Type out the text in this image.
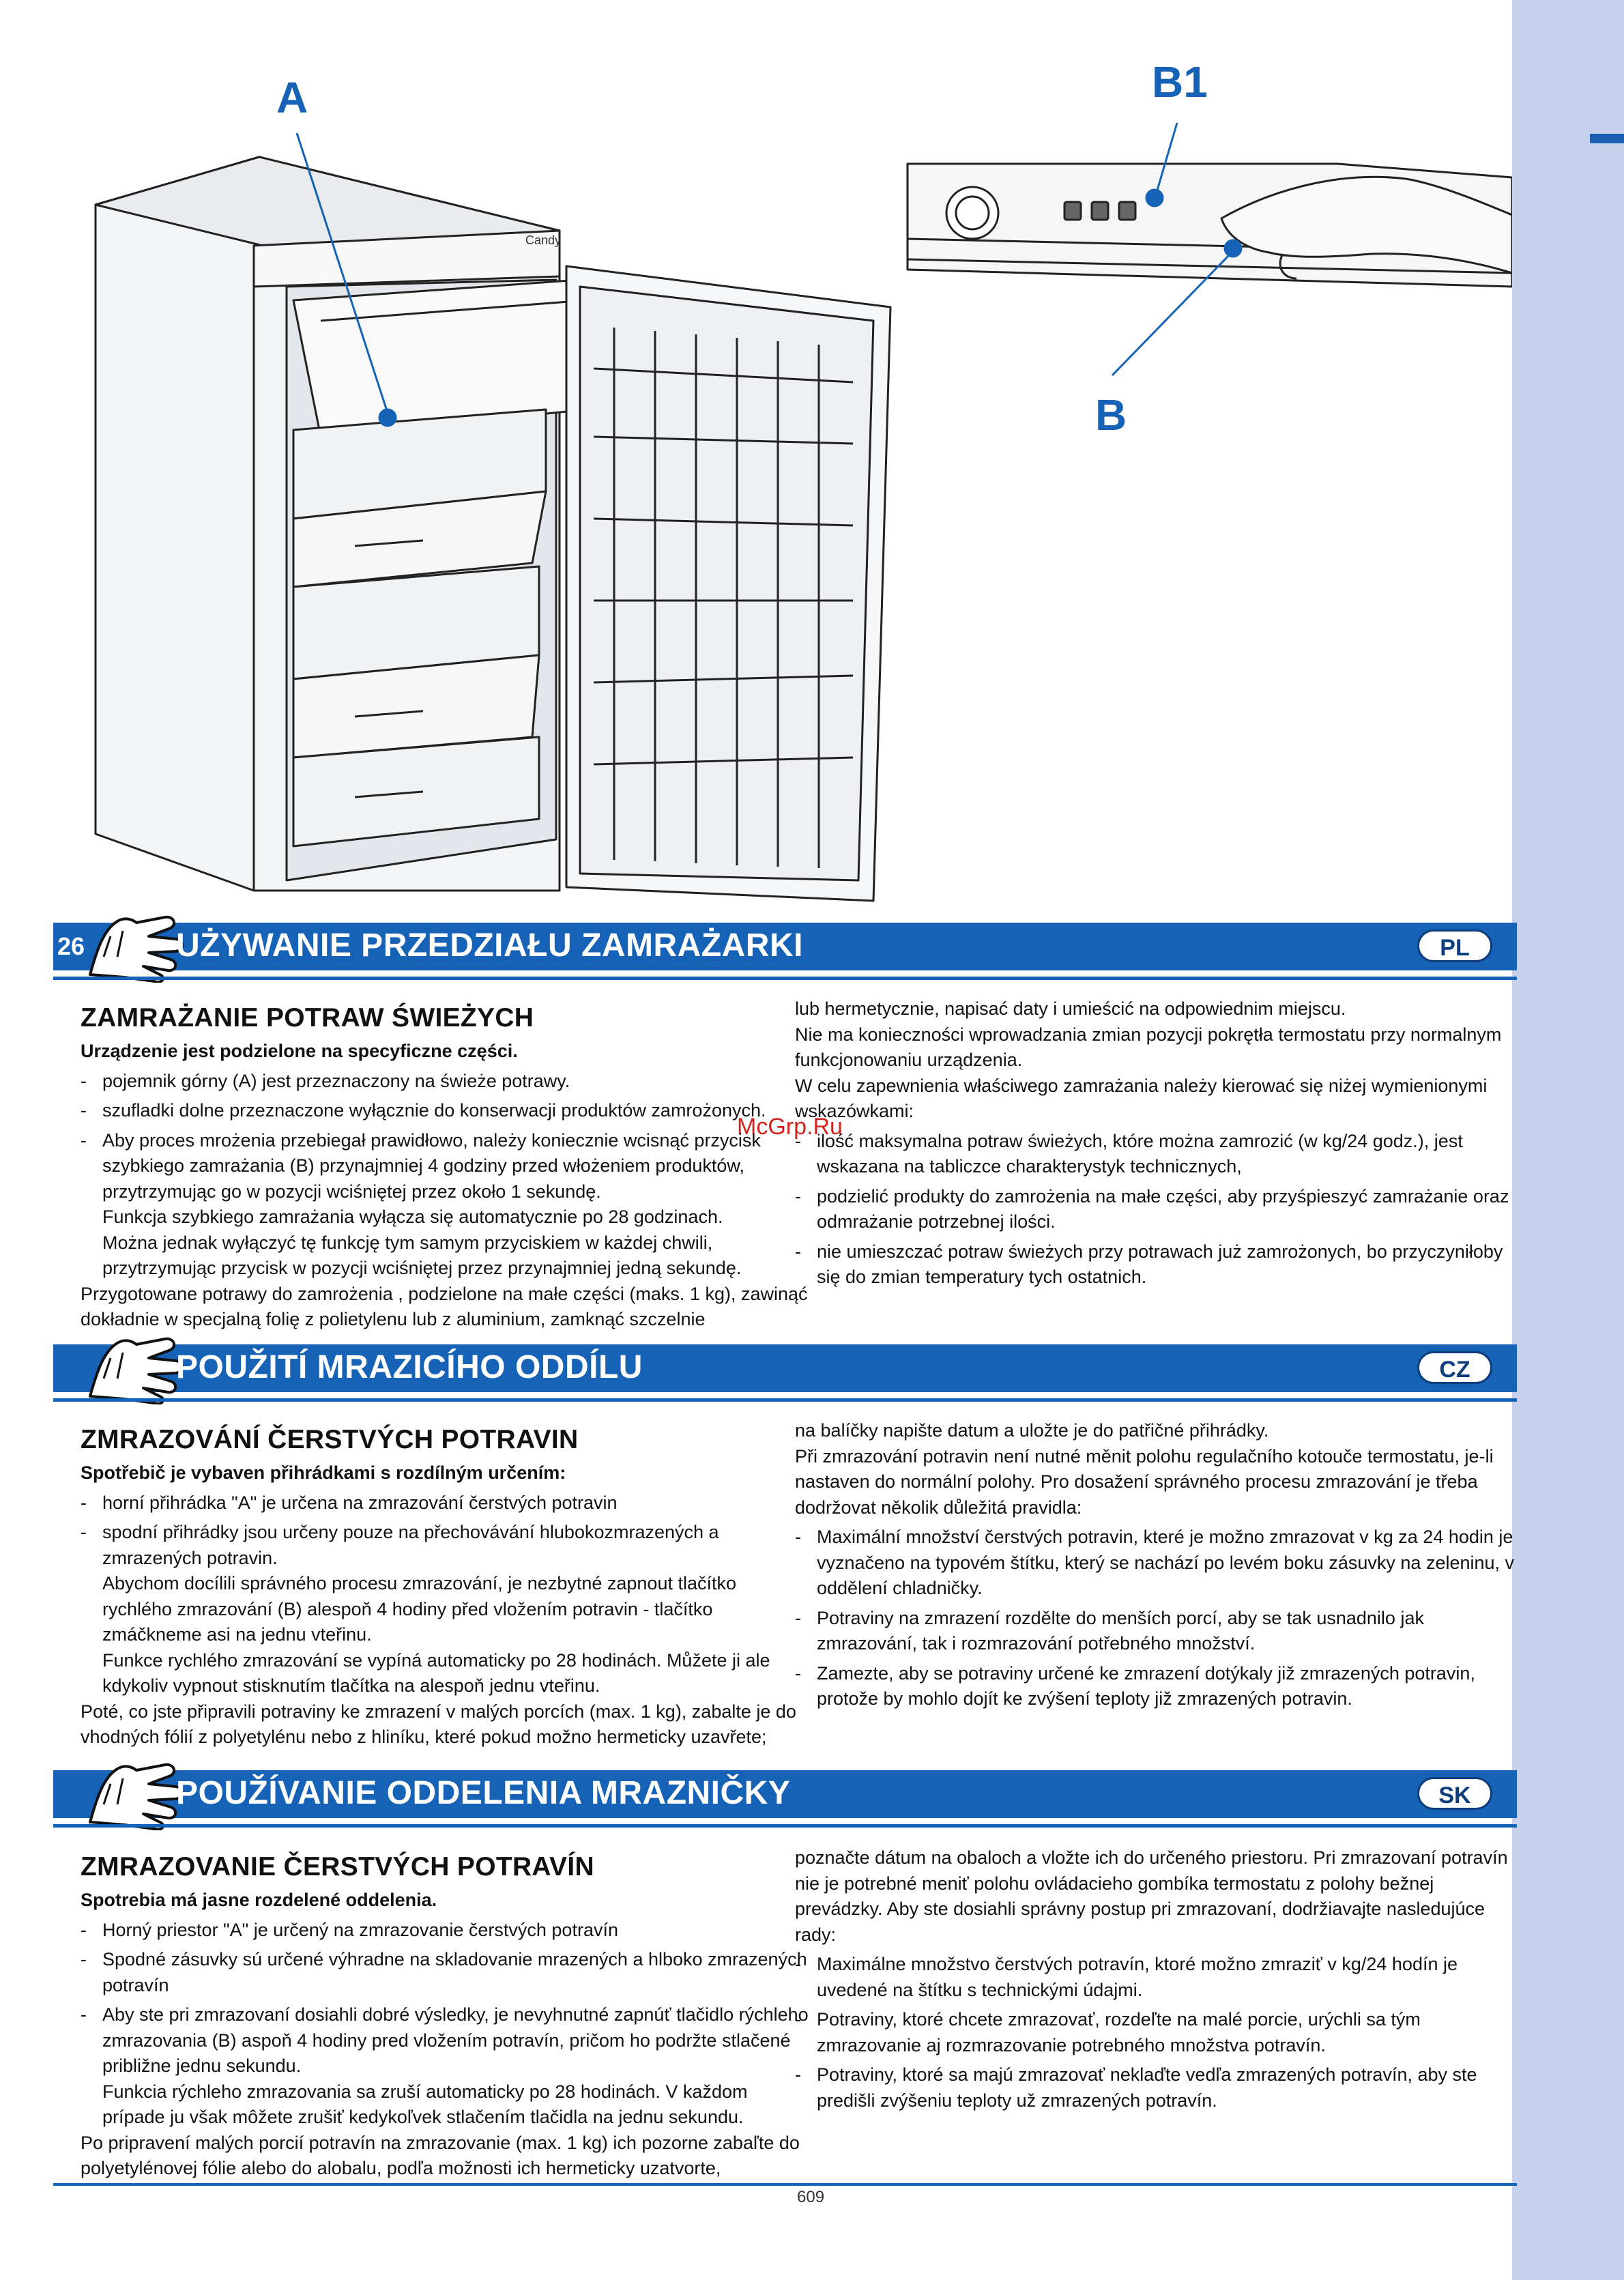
A	B1
B
Candy
McGrp.Ru
UŻYWANIE PRZEDZIAŁU ZAMRAŻARKI	PL
26
ZAMRAŻANIE POTRAW ŚWIEŻYCH
Urządzenie jest podzielone na specyficzne części.
- pojemnik górny (A) jest przeznaczony na świeże potrawy.
- szufladki dolne przeznaczone wyłącznie do konserwacji produktów zamrożonych.
- Aby proces mrożenia przebiegał prawidłowo, należy koniecznie wcisnąć przycisk szybkiego zamrażania (B) przynajmniej 4 godziny przed włożeniem produktów, przytrzymując go w pozycji wciśniętej przez około 1 sekundę.
Funkcja szybkiego zamrażania wyłącza się automatycznie po 28 godzinach.
Można jednak wyłączyć tę funkcję tym samym przyciskiem w każdej chwili, przytrzymując przycisk w pozycji wciśniętej przez przynajmniej jedną sekundę.
Przygotowane potrawy do zamrożenia , podzielone na małe części (maks. 1 kg), zawinąć dokładnie w specjalną folię z polietylenu lub z aluminium, zamknąć szczelnie
lub hermetycznie, napisać daty i umieścić na odpowiednim miejscu.
Nie ma konieczności wprowadzania zmian pozycji pokrętła termostatu przy normalnym funkcjonowaniu urządzenia.
W celu zapewnienia właściwego zamrażania należy kierować się niżej wymienionymi wskazówkami:
- ilość maksymalna potraw świeżych, które można zamrozić (w kg/24 godz.), jest wskazana na tabliczce charakterystyk technicznych,
- podzielić produkty do zamrożenia na małe części, aby przyśpieszyć zamrażanie oraz odmrażanie potrzebnej ilości.
- nie umieszczać potraw świeżych przy potrawach już zamrożonych, bo przyczyniłoby się do zmian temperatury tych ostatnich.
POUŽITÍ MRAZICÍHO ODDÍLU	CZ
ZMRAZOVÁNÍ ČERSTVÝCH POTRAVIN
Spotřebič je vybaven přihrádkami s rozdílným určením:
- horní přihrádka "A" je určena na zmrazování čerstvých potravin
- spodní přihrádky jsou určeny pouze na přechovávání hlubokozmrazených a zmrazených potravin.
Abychom docílili správného procesu zmrazování, je nezbytné zapnout tlačítko rychlého zmrazování (B) alespoň 4 hodiny před vložením potravin - tlačítko zmáčkneme asi na jednu vteřinu.
Funkce rychlého zmrazování se vypíná automaticky po 28 hodinách. Můžete ji ale kdykoliv vypnout stisknutím tlačítka na alespoň jednu vteřinu.
Poté, co jste připravili potraviny ke zmrazení v malých porcích (max. 1 kg), zabalte je do vhodných fólií z polyetylénu nebo z hliníku, které pokud možno hermeticky uzavřete;
na balíčky napište datum a uložte je do patřičné přihrádky.
Při zmrazování potravin není nutné měnit polohu regulačního kotouče termostatu, je-li nastaven do normální polohy. Pro dosažení správného procesu zmrazování je třeba dodržovat několik důležitá pravidla:
- Maximální množství čerstvých potravin, které je možno zmrazovat v kg za 24 hodin je vyznačeno na typovém štítku, který se nachází po levém boku zásuvky na zeleninu, v oddělení chladničky.
- Potraviny na zmrazení rozdělte do menších porcí, aby se tak usnadnilo jak zmrazování, tak i rozmrazování potřebného množství.
- Zamezte, aby se potraviny určené ke zmrazení dotýkaly již zmrazených potravin, protože by mohlo dojít ke zvýšení teploty již zmrazených potravin.
POUŽÍVANIE ODDELENIA MRAZNIČKY	SK
ZMRAZOVANIE ČERSTVÝCH POTRAVÍN
Spotrebia má jasne rozdelené oddelenia.
- Horný priestor "A" je určený na zmrazovanie čerstvých potravín
- Spodné zásuvky sú určené výhradne na skladovanie mrazených a hlboko zmrazených potravín
- Aby ste pri zmrazovaní dosiahli dobré výsledky, je nevyhnutné zapnúť tlačidlo rýchleho zmrazovania (B) aspoň 4 hodiny pred vložením potravín, pričom ho podržte stlačené približne jednu sekundu.
Funkcia rýchleho zmrazovania sa zruší automaticky po 28 hodinách. V každom prípade ju však môžete zrušiť kedykoľvek stlačením tlačidla na jednu sekundu.
Po pripravení malých porcií potravín na zmrazovanie (max. 1 kg) ich pozorne zabaľte do polyetylénovej fólie alebo do alobalu, podľa možnosti ich hermeticky uzatvorte,
poznačte dátum na obaloch a vložte ich do určeného priestoru. Pri zmrazovaní potravín nie je potrebné meniť polohu ovládacieho gombíka termostatu z polohy bežnej prevádzky. Aby ste dosiahli správny postup pri zmrazovaní, dodržiavajte nasledujúce rady:
- Maximálne množstvo čerstvých potravín, ktoré možno zmraziť v kg/24 hodín je uvedené na štítku s technickými údajmi.
- Potraviny, ktoré chcete zmrazovať, rozdeľte na malé porcie, urýchli sa tým zmrazovanie aj rozmrazovanie potrebného množstva potravín.
- Potraviny, ktoré sa majú zmrazovať neklaďte vedľa zmrazených potravín, aby ste predišli zvýšeniu teploty už zmrazených potravín.
609
